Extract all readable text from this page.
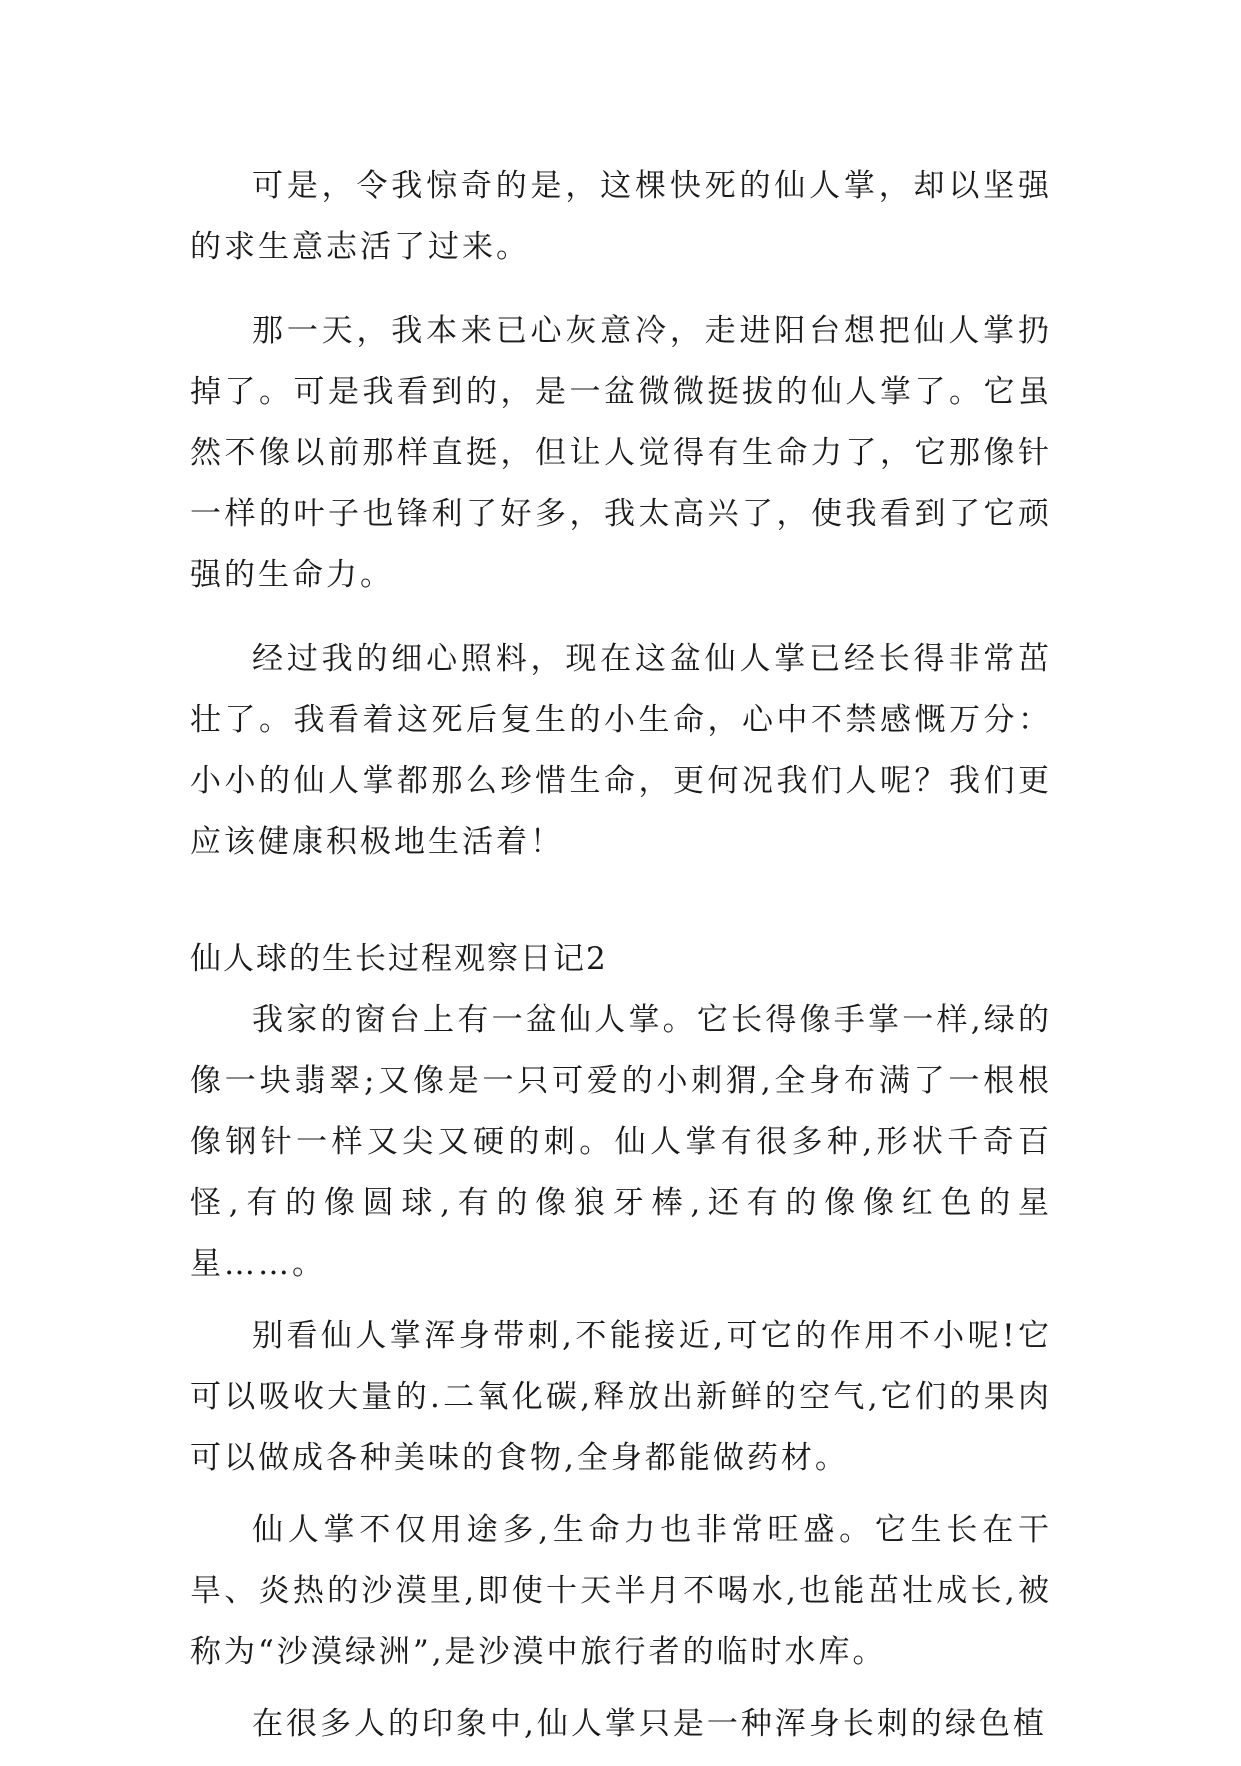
可是，令我惊奇的是，这棵快死的仙人掌，却以坚强的求生意志活了过来。

那一天，我本来已心灰意冷，走进阳台想把仙人掌扔掉了。可是我看到的，是一盆微微挺拔的仙人掌了。它虽然不像以前那样直挺，但让人觉得有生命力了，它那像针一样的叶子也锋利了好多，我太高兴了，使我看到了它顽强的生命力。

经过我的细心照料，现在这盆仙人掌已经长得非常茁壮了。我看着这死后复生的小生命，心中不禁感慨万分：小小的仙人掌都那么珍惜生命，更何况我们人呢？我们更应该健康积极地生活着！

仙人球的生长过程观察日记2

我家的窗台上有一盆仙人掌。它长得像手掌一样,绿的像一块翡翠;又像是一只可爱的小刺猬,全身布满了一根根像钢针一样又尖又硬的刺。仙人掌有很多种,形状千奇百怪,有的像圆球,有的像狼牙棒,还有的像像红色的星星……。

别看仙人掌浑身带刺,不能接近,可它的作用不小呢!它可以吸收大量的.二氧化碳,释放出新鲜的空气,它们的果肉可以做成各种美味的食物,全身都能做药材。

仙人掌不仅用途多,生命力也非常旺盛。它生长在干旱、炎热的沙漠里,即使十天半月不喝水,也能茁壮成长,被称为“沙漠绿洲”,是沙漠中旅行者的临时水库。

在很多人的印象中,仙人掌只是一种浑身长刺的绿色植
